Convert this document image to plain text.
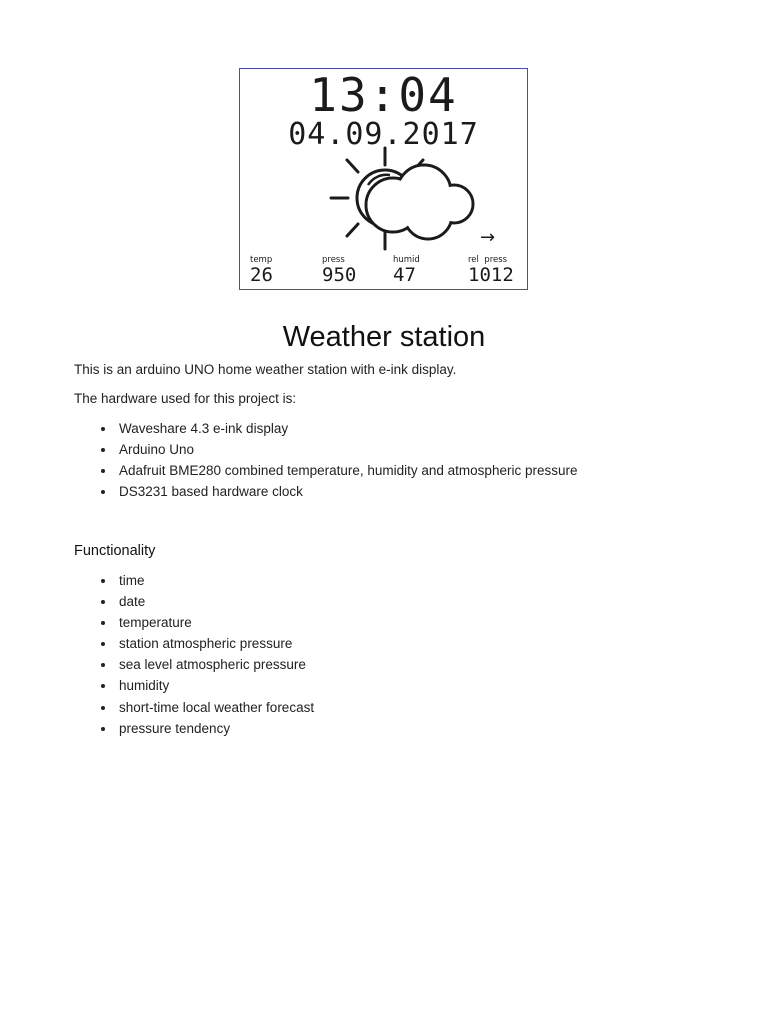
13:04
04.09.2017
→
temp
26
press
950
humid
47
rel  press
1012
Weather station

This is an arduino UNO home weather station with e-ink display.

The hardware used for this project is:

Waveshare 4.3 e-ink display
Arduino Uno
Adafruit BME280 combined temperature, humidity and atmospheric pressure
DS3231 based hardware clock
Functionality
time
date
temperature
station atmospheric pressure
sea level atmospheric pressure
humidity
short-time local weather forecast
pressure tendency
